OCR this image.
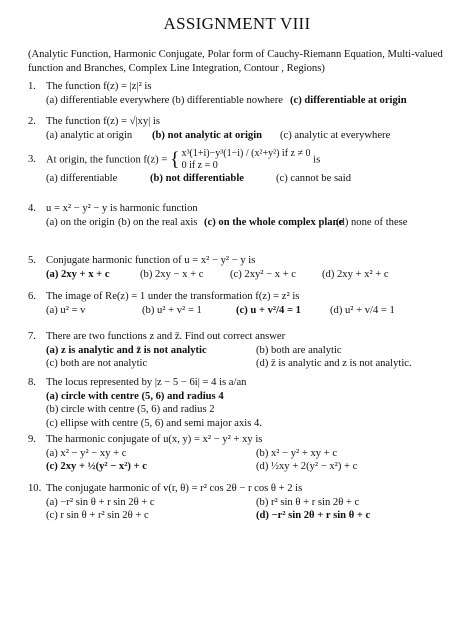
ASSIGNMENT VIII
(Analytic Function, Harmonic Conjugate, Polar form of Cauchy-Riemann Equation, Multi-valued function and Branches, Complex Line Integration, Contour , Regions)
1. The function f(z) = |z|² is
(a) differentiable everywhere (b) differentiable nowhere (c) differentiable at origin
2. The function f(z) = √|xy| is
(a) analytic at origin (b) not analytic at origin (c) analytic at everywhere
3. At origin, the function f(z) = { x³(1+i)−y³(1−i) / (x²+y²) if z ≠ 0
0 if z = 0
is
(a) differentiable	(b) not differentiable	(c) cannot be said
4. u = x² − y² − y is harmonic function
(a) on the origin (b) on the real axis (c) on the whole complex plane(d) none of these
5. Conjugate harmonic function of u = x² − y² − y is
(a) 2xy + x + c	(b) 2xy − x + c	(c) 2xy² − x + c (d) 2xy + x² + c
6. The image of Re(z) = 1 under the transformation f(z) = z² is
(a) u² = v	(b) u² + v² = 1	(c) u + v²/4 = 1	(d) u² + v/4 = 1
7. There are two functions z and z̄. Find out correct answer
(a) z is analytic and z̄ is not analytic	(b) both are analytic
(c) both are not analytic	(d) z̄ is analytic and z is not analytic.
8. The locus represented by |z − 5 − 6i| = 4 is a/an
(a) circle with centre (5, 6) and radius 4
(b) circle with centre (5, 6) and radius 2
(c) ellipse with centre (5, 6) and semi major axis 4.
9. The harmonic conjugate of u(x, y) = x² − y² + xy is
(a) x² − y² − xy + c	(b) x² − y² + xy + c
(c) 2xy + ½(y² − x²) + c	(d) ½xy + 2(y² − x²) + c
10. The conjugate harmonic of v(r, θ) = r² cos 2θ − r cos θ + 2 is
(a) −r² sin θ + r sin 2θ + c	(b) r² sin θ + r sin 2θ + c
(c) r sin θ + r² sin 2θ + c	(d) −r² sin 2θ + r sin θ + c
